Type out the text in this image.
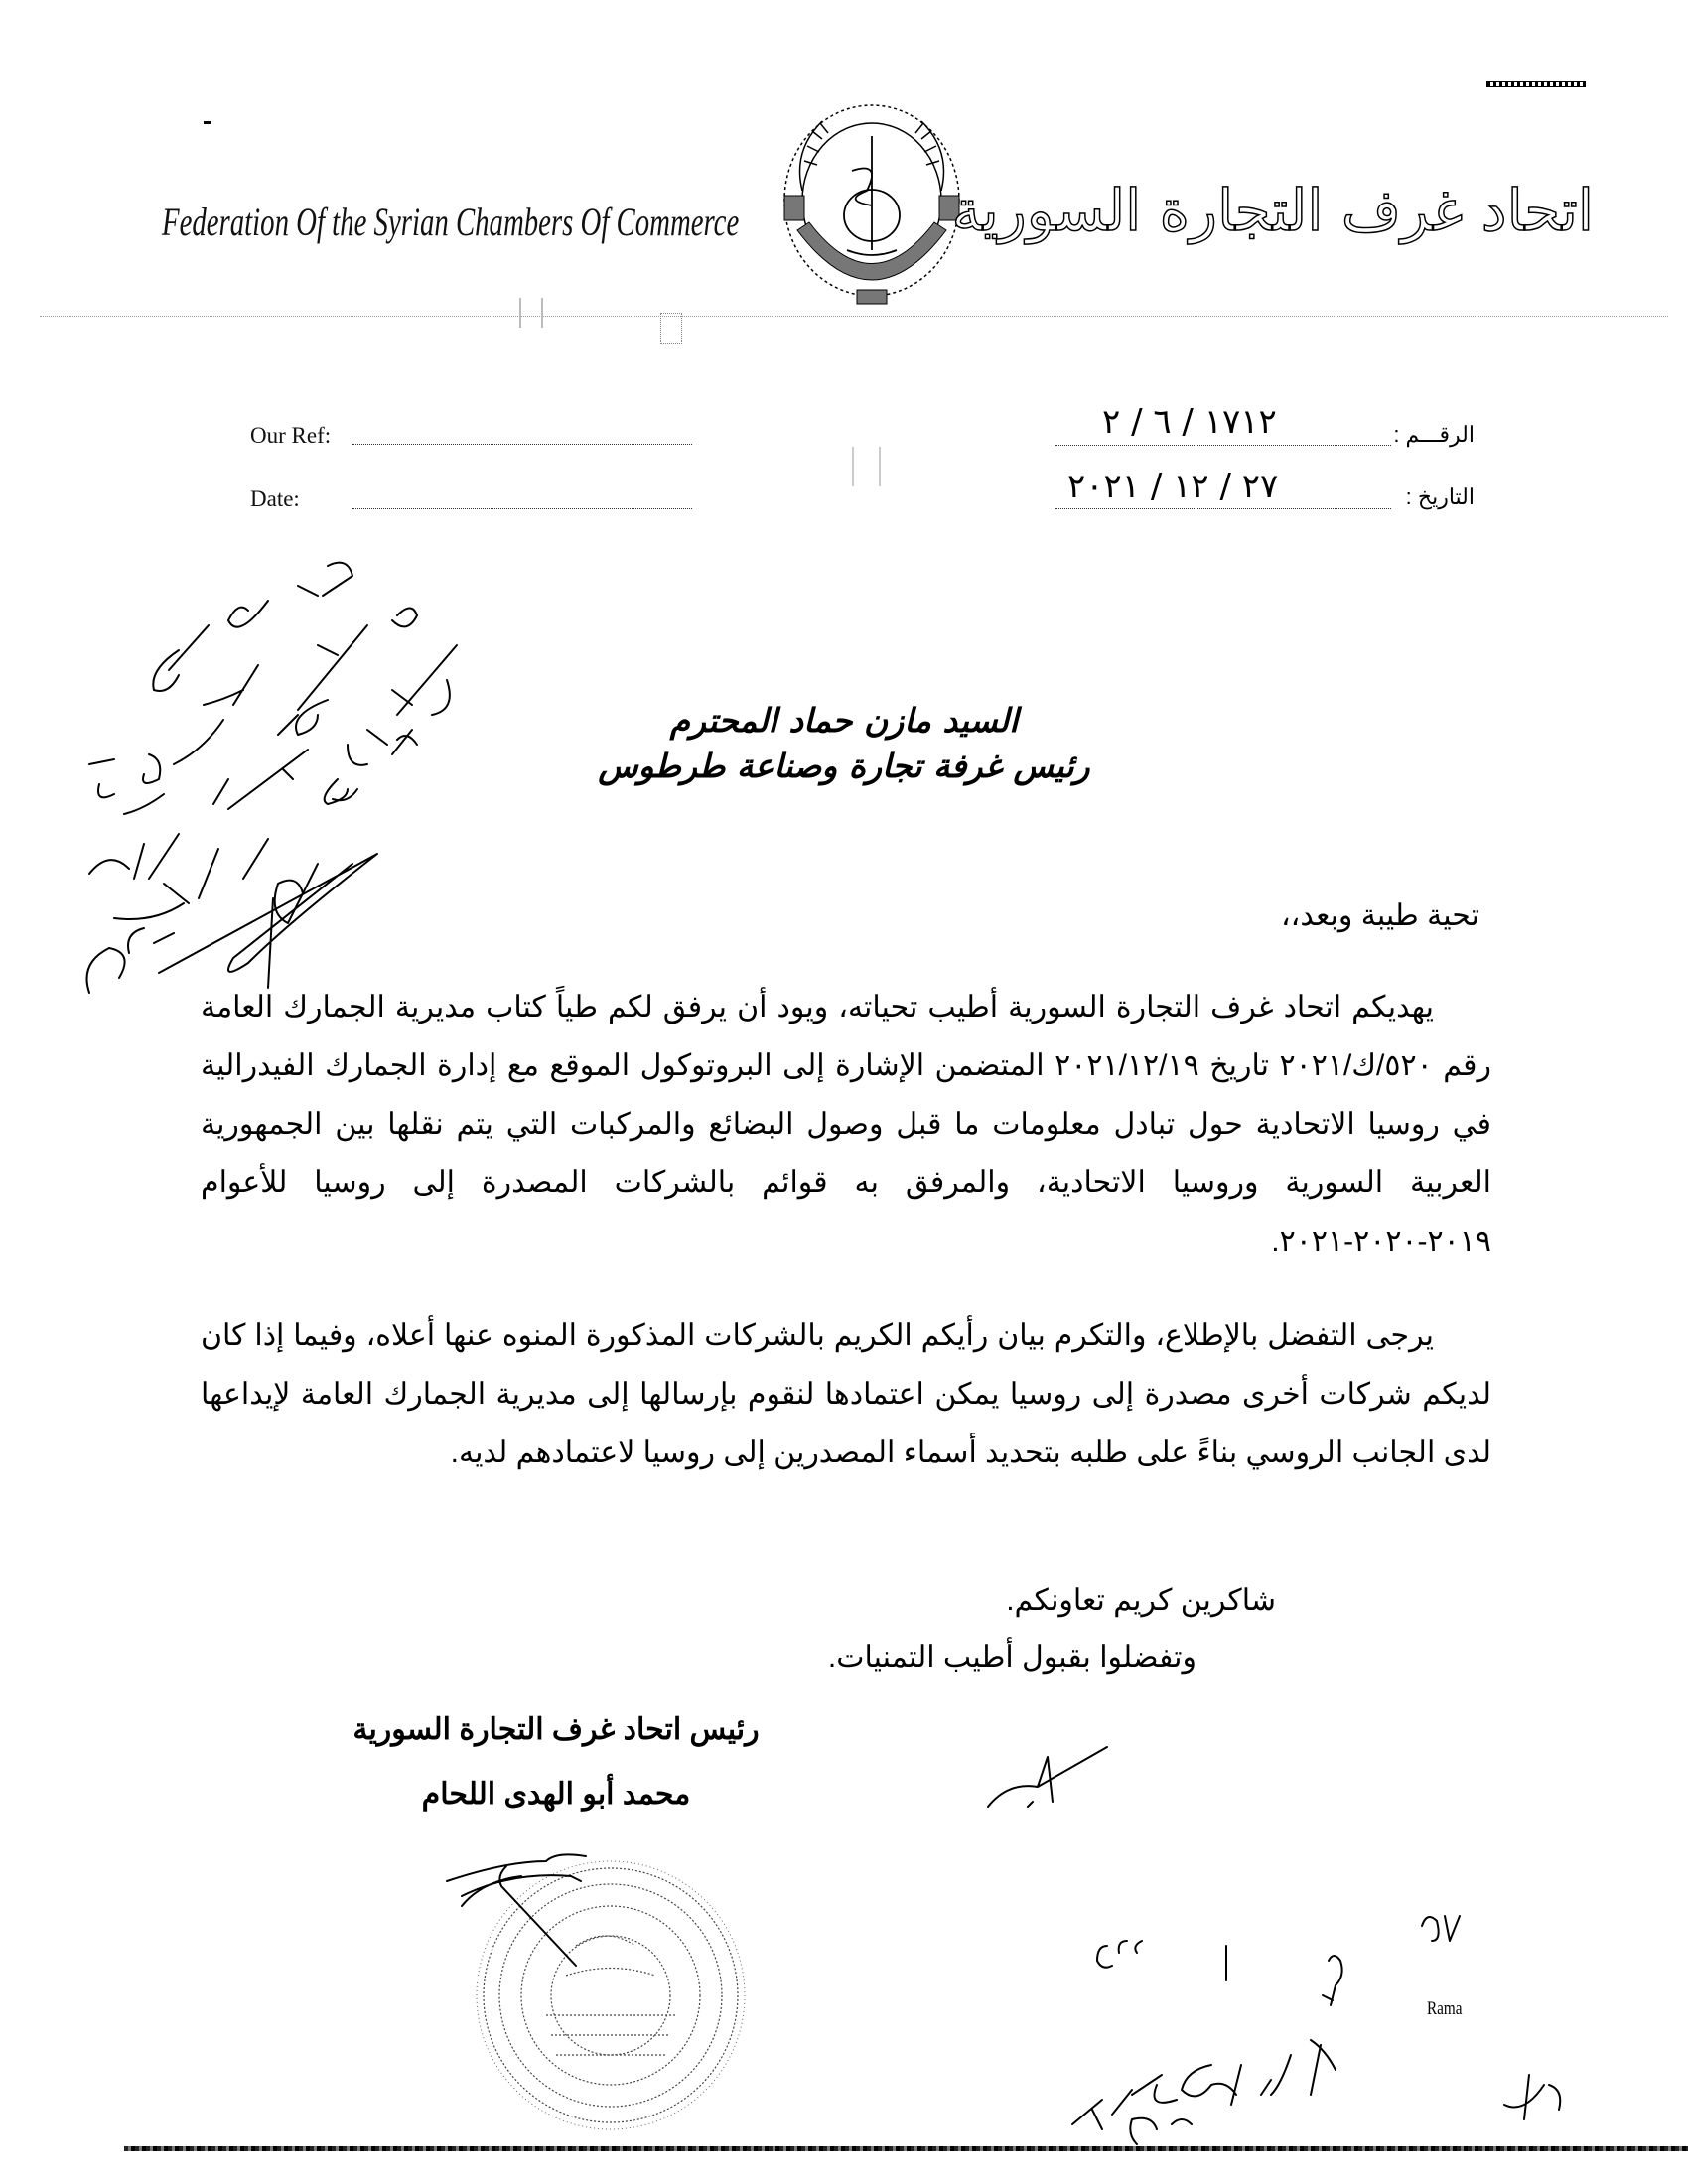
Federation Of the Syrian Chambers Of Commerce	اتحاد غرف التجارة السورية
Our Ref:
Date:
الرقـــم :
١٧١٢ / ٦ / ٢
التاريخ :
٢٧ / ١٢ / ٢٠٢١
السيد مازن حماد المحترم
رئيس غرفة تجارة وصناعة طرطوس
تحية طيبة وبعد،،

يهديكم اتحاد غرف التجارة السورية أطيب تحياته، ويود أن يرفق لكم طياً كتاب مديرية الجمارك العامة رقم ٥٢٠/ك/٢٠٢١ تاريخ ٢٠٢١/١٢/١٩ المتضمن الإشارة إلى البروتوكول الموقع مع إدارة الجمارك الفيدرالية في روسيا الاتحادية حول تبادل معلومات ما قبل وصول البضائع والمركبات التي يتم نقلها بين الجمهورية العربية السورية وروسيا الاتحادية، والمرفق به قوائم بالشركات المصدرة إلى روسيا للأعوام ٢٠١٩-٢٠٢٠-٢٠٢١.

يرجى التفضل بالإطلاع، والتكرم بيان رأيكم الكريم بالشركات المذكورة المنوه عنها أعلاه، وفيما إذا كان لديكم شركات أخرى مصدرة إلى روسيا يمكن اعتمادها لنقوم بإرسالها إلى مديرية الجمارك العامة لإيداعها لدى الجانب الروسي بناءً على طلبه بتحديد أسماء المصدرين إلى روسيا لاعتمادهم لديه.

شاكرين كريم تعاونكم.
وتفضلوا بقبول أطيب التمنيات.
رئيس اتحاد غرف التجارة السورية
محمد أبو الهدى اللحام
Rama
